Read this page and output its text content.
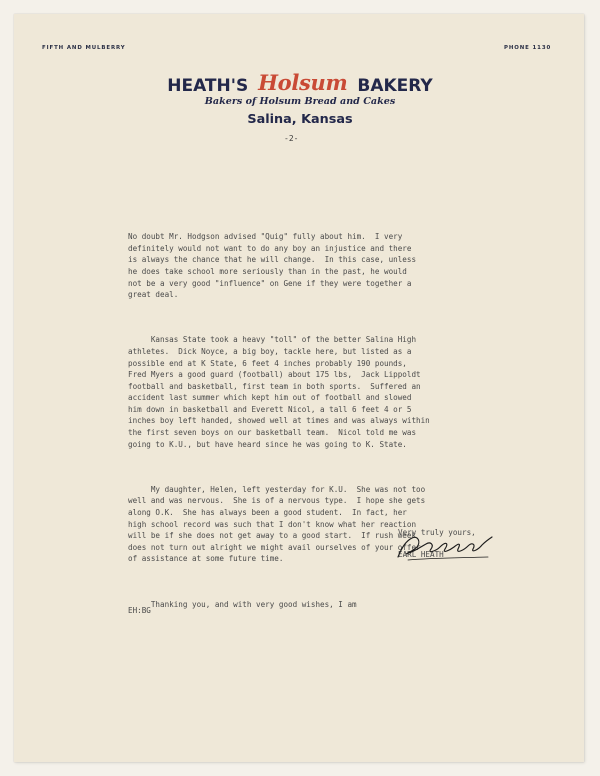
FIFTH AND MULBERRY	PHONE 1130
HEATH'S Holsum BAKERY
Bakers of Holsum Bread and Cakes
Salina, Kansas
-2-

No doubt Mr. Hodgson advised "Quig" fully about him.  I very
definitely would not want to do any boy an injustice and there
is always the chance that he will change.  In this case, unless
he does take school more seriously than in the past, he would
not be a very good "influence" on Gene if they were together a
great deal.

Kansas State took a heavy "toll" of the better Salina High
athletes.  Dick Noyce, a big boy, tackle here, but listed as a
possible end at K State, 6 feet 4 inches probably 190 pounds,
Fred Myers a good guard (football) about 175 lbs,  Jack Lippoldt
football and basketball, first team in both sports.  Suffered an
accident last summer which kept him out of football and slowed
him down in basketball and Everett Nicol, a tall 6 feet 4 or 5
inches boy left handed, showed well at times and was always within
the first seven boys on our basketball team.  Nicol told me was
going to K.U., but have heard since he was going to K. State.

My daughter, Helen, left yesterday for K.U.  She was not too
well and was nervous.  She is of a nervous type.  I hope she gets
along O.K.  She has always been a good student.  In fact, her
high school record was such that I don't know what her reaction
will be if she does not get away to a good start.  If rush week
does not turn out alright we might avail ourselves of your offer
of assistance at some future time.

Thanking you, and with very good wishes, I am

Very truly yours,
EARL HEATH
EH:BG
